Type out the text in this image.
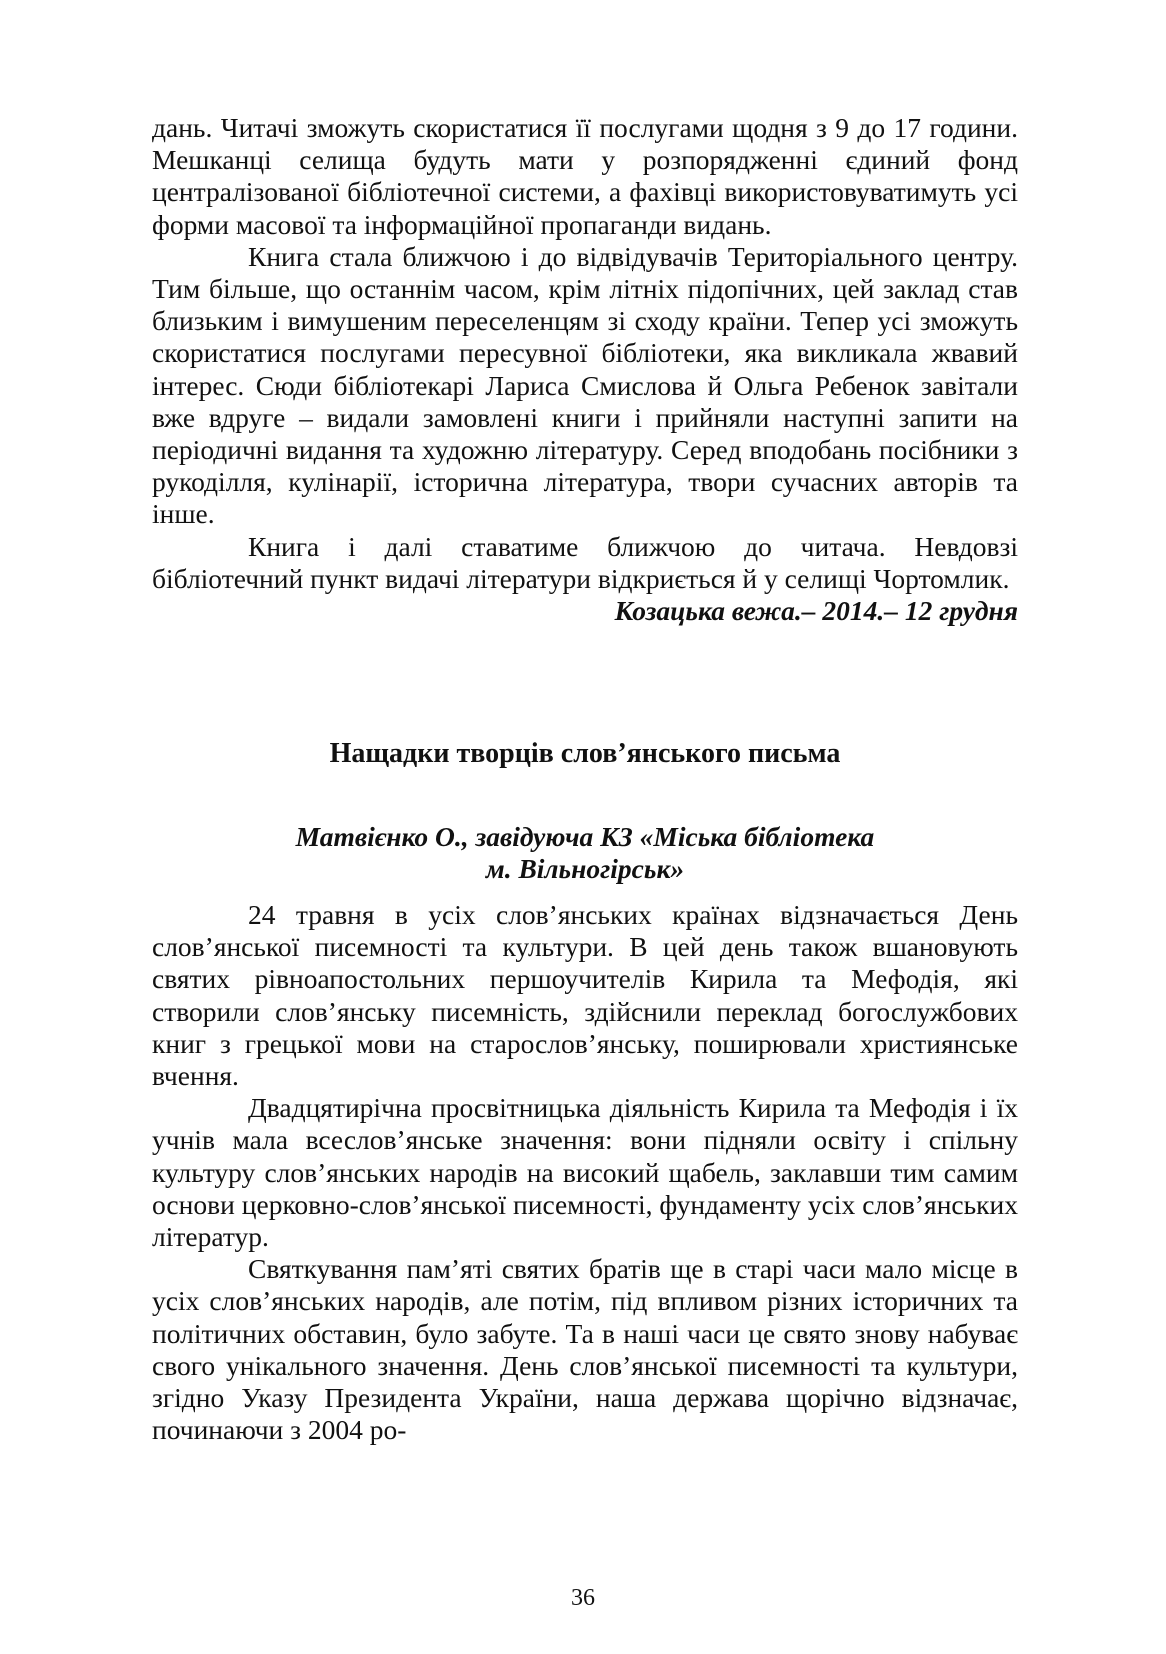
дань. Читачі зможуть скористатися її послугами щодня з 9 до 17 години. Мешканці селища будуть мати у розпорядженні єдиний фонд централізованої бібліотечної системи, а фахівці використовуватимуть усі форми масової та інформаційної пропаганди видань.

Книга стала ближчою і до відвідувачів Територіального центру. Тим більше, що останнім часом, крім літніх підопічних, цей заклад став близьким і вимушеним переселенцям зі сходу країни. Тепер усі зможуть скористатися послугами пересувної бібліотеки, яка викликала жвавий інтерес. Сюди бібліотекарі Лариса Смислова й Ольга Ребенок завітали вже вдруге – видали замовлені книги і прийняли наступні запити на періодичні видання та художню літературу. Серед вподобань посібники з рукоділля, кулінарії, історична література, твори сучасних авторів та інше.

Книга і далі ставатиме ближчою до читача. Невдовзі бібліотечний пункт видачі літератури відкриється й у селищі Чортомлик.

Козацька вежа.– 2014.– 12 грудня

Нащадки творців слов’янського письма

Матвієнко О., завідуюча КЗ «Міська бібліотека
м. Вільногірськ»

24 травня в усіх слов’янських країнах відзначається День слов’янської писемності та культури. В цей день також вшановують святих рівноапостольних першоучителів Кирила та Мефодія, які створили слов’янську писемність, здійснили переклад богослужбових книг з грецької мови на старослов’янську, поширювали християнське вчення.

Двадцятирічна просвітницька діяльність Кирила та Мефодія і їх учнів мала всеслов’янське значення: вони підняли освіту і спільну культуру слов’янських народів на високий щабель, заклавши тим самим основи церковно-слов’янської писемності, фундаменту усіх слов’янських літератур.

Святкування пам’яті святих братів ще в старі часи мало місце в усіх слов’янських народів, але потім, під впливом різних історичних та політичних обставин, було забуте. Та в наші часи це свято знову набуває свого унікального значення. День слов’янської писемності та культури, згідно Указу Президента України, наша держава щорічно відзначає, починаючи з 2004 ро-

36
